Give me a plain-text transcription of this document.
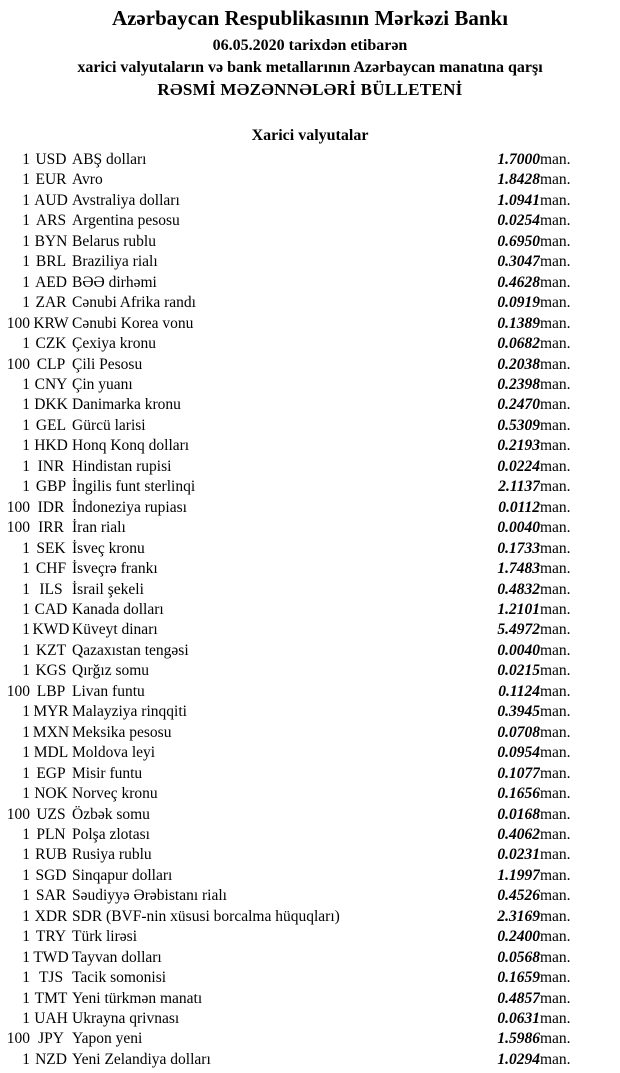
Azərbaycan Respublikasının Mərkəzi Bankı
06.05.2020 tarixdən etibarən
xarici valyutaların və bank metallarının Azərbaycan manatına qarşı
RƏSMİ MƏZƏNNƏLƏRİ BÜLLETENİ
Xarici valyutalar
1	USD	ABŞ dolları	1.7000	man.
1	EUR	Avro	1.8428	man.
1	AUD	Avstraliya dolları	1.0941	man.
1	ARS	Argentina pesosu	0.0254	man.
1	BYN	Belarus rublu	0.6950	man.
1	BRL	Braziliya rialı	0.3047	man.
1	AED	BƏƏ dirhəmi	0.4628	man.
1	ZAR	Cənubi Afrika randı	0.0919	man.
100	KRW	Cənubi Korea vonu	0.1389	man.
1	CZK	Çexiya kronu	0.0682	man.
100	CLP	Çili Pesosu	0.2038	man.
1	CNY	Çin yuanı	0.2398	man.
1	DKK	Danimarka kronu	0.2470	man.
1	GEL	Gürcü larisi	0.5309	man.
1	HKD	Honq Konq dolları	0.2193	man.
1	INR	Hindistan rupisi	0.0224	man.
1	GBP	İngilis funt sterlinqi	2.1137	man.
100	IDR	İndoneziya rupiası	0.0112	man.
100	IRR	İran rialı	0.0040	man.
1	SEK	İsveç kronu	0.1733	man.
1	CHF	İsveçrə frankı	1.7483	man.
1	ILS	İsrail şekeli	0.4832	man.
1	CAD	Kanada dolları	1.2101	man.
1	KWD	Küveyt dinarı	5.4972	man.
1	KZT	Qazaxıstan tengəsi	0.0040	man.
1	KGS	Qırğız somu	0.0215	man.
100	LBP	Livan funtu	0.1124	man.
1	MYR	Malayziya rinqqiti	0.3945	man.
1	MXN	Meksika pesosu	0.0708	man.
1	MDL	Moldova leyi	0.0954	man.
1	EGP	Misir funtu	0.1077	man.
1	NOK	Norveç kronu	0.1656	man.
100	UZS	Özbək somu	0.0168	man.
1	PLN	Polşa zlotası	0.4062	man.
1	RUB	Rusiya rublu	0.0231	man.
1	SGD	Sinqapur dolları	1.1997	man.
1	SAR	Səudiyyə Ərəbistanı rialı	0.4526	man.
1	XDR	SDR (BVF-nin xüsusi borcalma hüquqları)	2.3169	man.
1	TRY	Türk lirəsi	0.2400	man.
1	TWD	Tayvan dolları	0.0568	man.
1	TJS	Tacik somonisi	0.1659	man.
1	TMT	Yeni türkmən manatı	0.4857	man.
1	UAH	Ukrayna qrivnası	0.0631	man.
100	JPY	Yapon yeni	1.5986	man.
1	NZD	Yeni Zelandiya dolları	1.0294	man.
